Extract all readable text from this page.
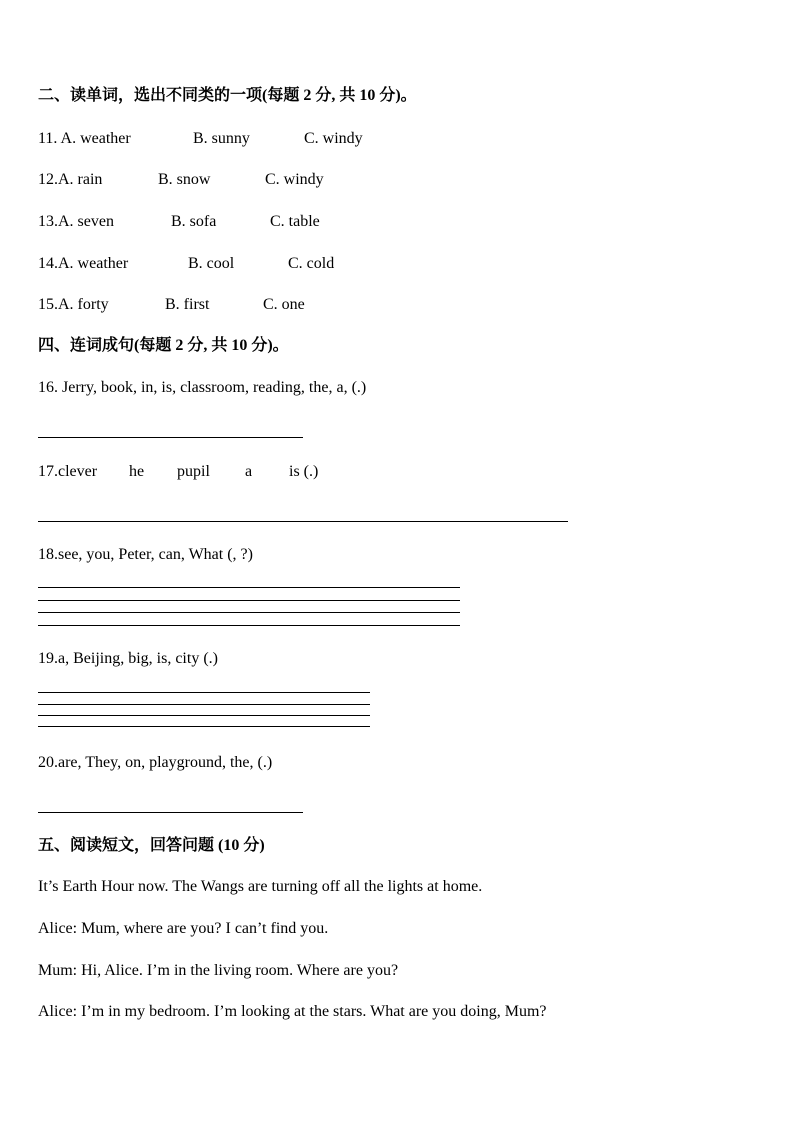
二、读单词，选出不同类的一项(每题 2 分, 共 10 分)。
11. A. weather	B. sunny	C. windy
12.A. rain	B. snow	C. windy
13.A. seven	B. sofa	C. table
14.A. weather	B. cool	C. cold
15.A. forty	B. first	C. one
四、连词成句(每题 2 分, 共 10 分)。
16. Jerry, book, in, is, classroom, reading, the, a, (.)
17.clever he pupil a is (.)
18.see, you, Peter, can, What (, ?)
19.a, Beijing, big, is, city (.)
20.are, They, on, playground, the, (.)
五、阅读短文，回答问题 (10 分)
It’s Earth Hour now. The Wangs are turning off all the lights at home.
Alice: Mum, where are you? I can’t find you.
Mum: Hi, Alice. I’m in the living room. Where are you?
Alice: I’m in my bedroom. I’m looking at the stars. What are you doing, Mum?
